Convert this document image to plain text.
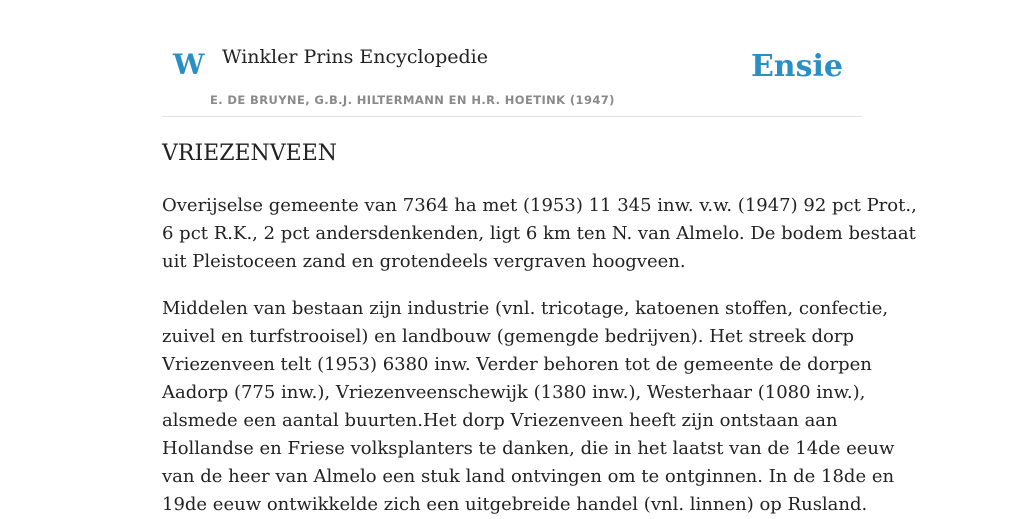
W Winkler Prins Encyclopedie
E. DE BRUYNE, G.B.J. HILTERMANN EN H.R. HOETINK (1947)
Ensie
VRIEZENVEEN

Overijselse gemeente van 7364 ha met (1953) 11 345 inw. v.w. (1947) 92 pct Prot.,
6 pct R.K., 2 pct andersdenkenden, ligt 6 km ten N. van Almelo. De bodem bestaat
uit Pleistoceen zand en grotendeels vergraven hoogveen.

Middelen van bestaan zijn industrie (vnl. tricotage, katoenen stoffen, confectie,
zuivel en turfstrooisel) en landbouw (gemengde bedrijven). Het streek dorp
Vriezenveen telt (1953) 6380 inw. Verder behoren tot de gemeente de dorpen
Aadorp (775 inw.), Vriezenveenschewijk (1380 inw.), Westerhaar (1080 inw.),
alsmede een aantal buurten.Het dorp Vriezenveen heeft zijn ontstaan aan
Hollandse en Friese volksplanters te danken, die in het laatst van de 14de eeuw
van de heer van Almelo een stuk land ontvingen om te ontginnen. In de 18de en
19de eeuw ontwikkelde zich een uitgebreide handel (vnl. linnen) op Rusland.
